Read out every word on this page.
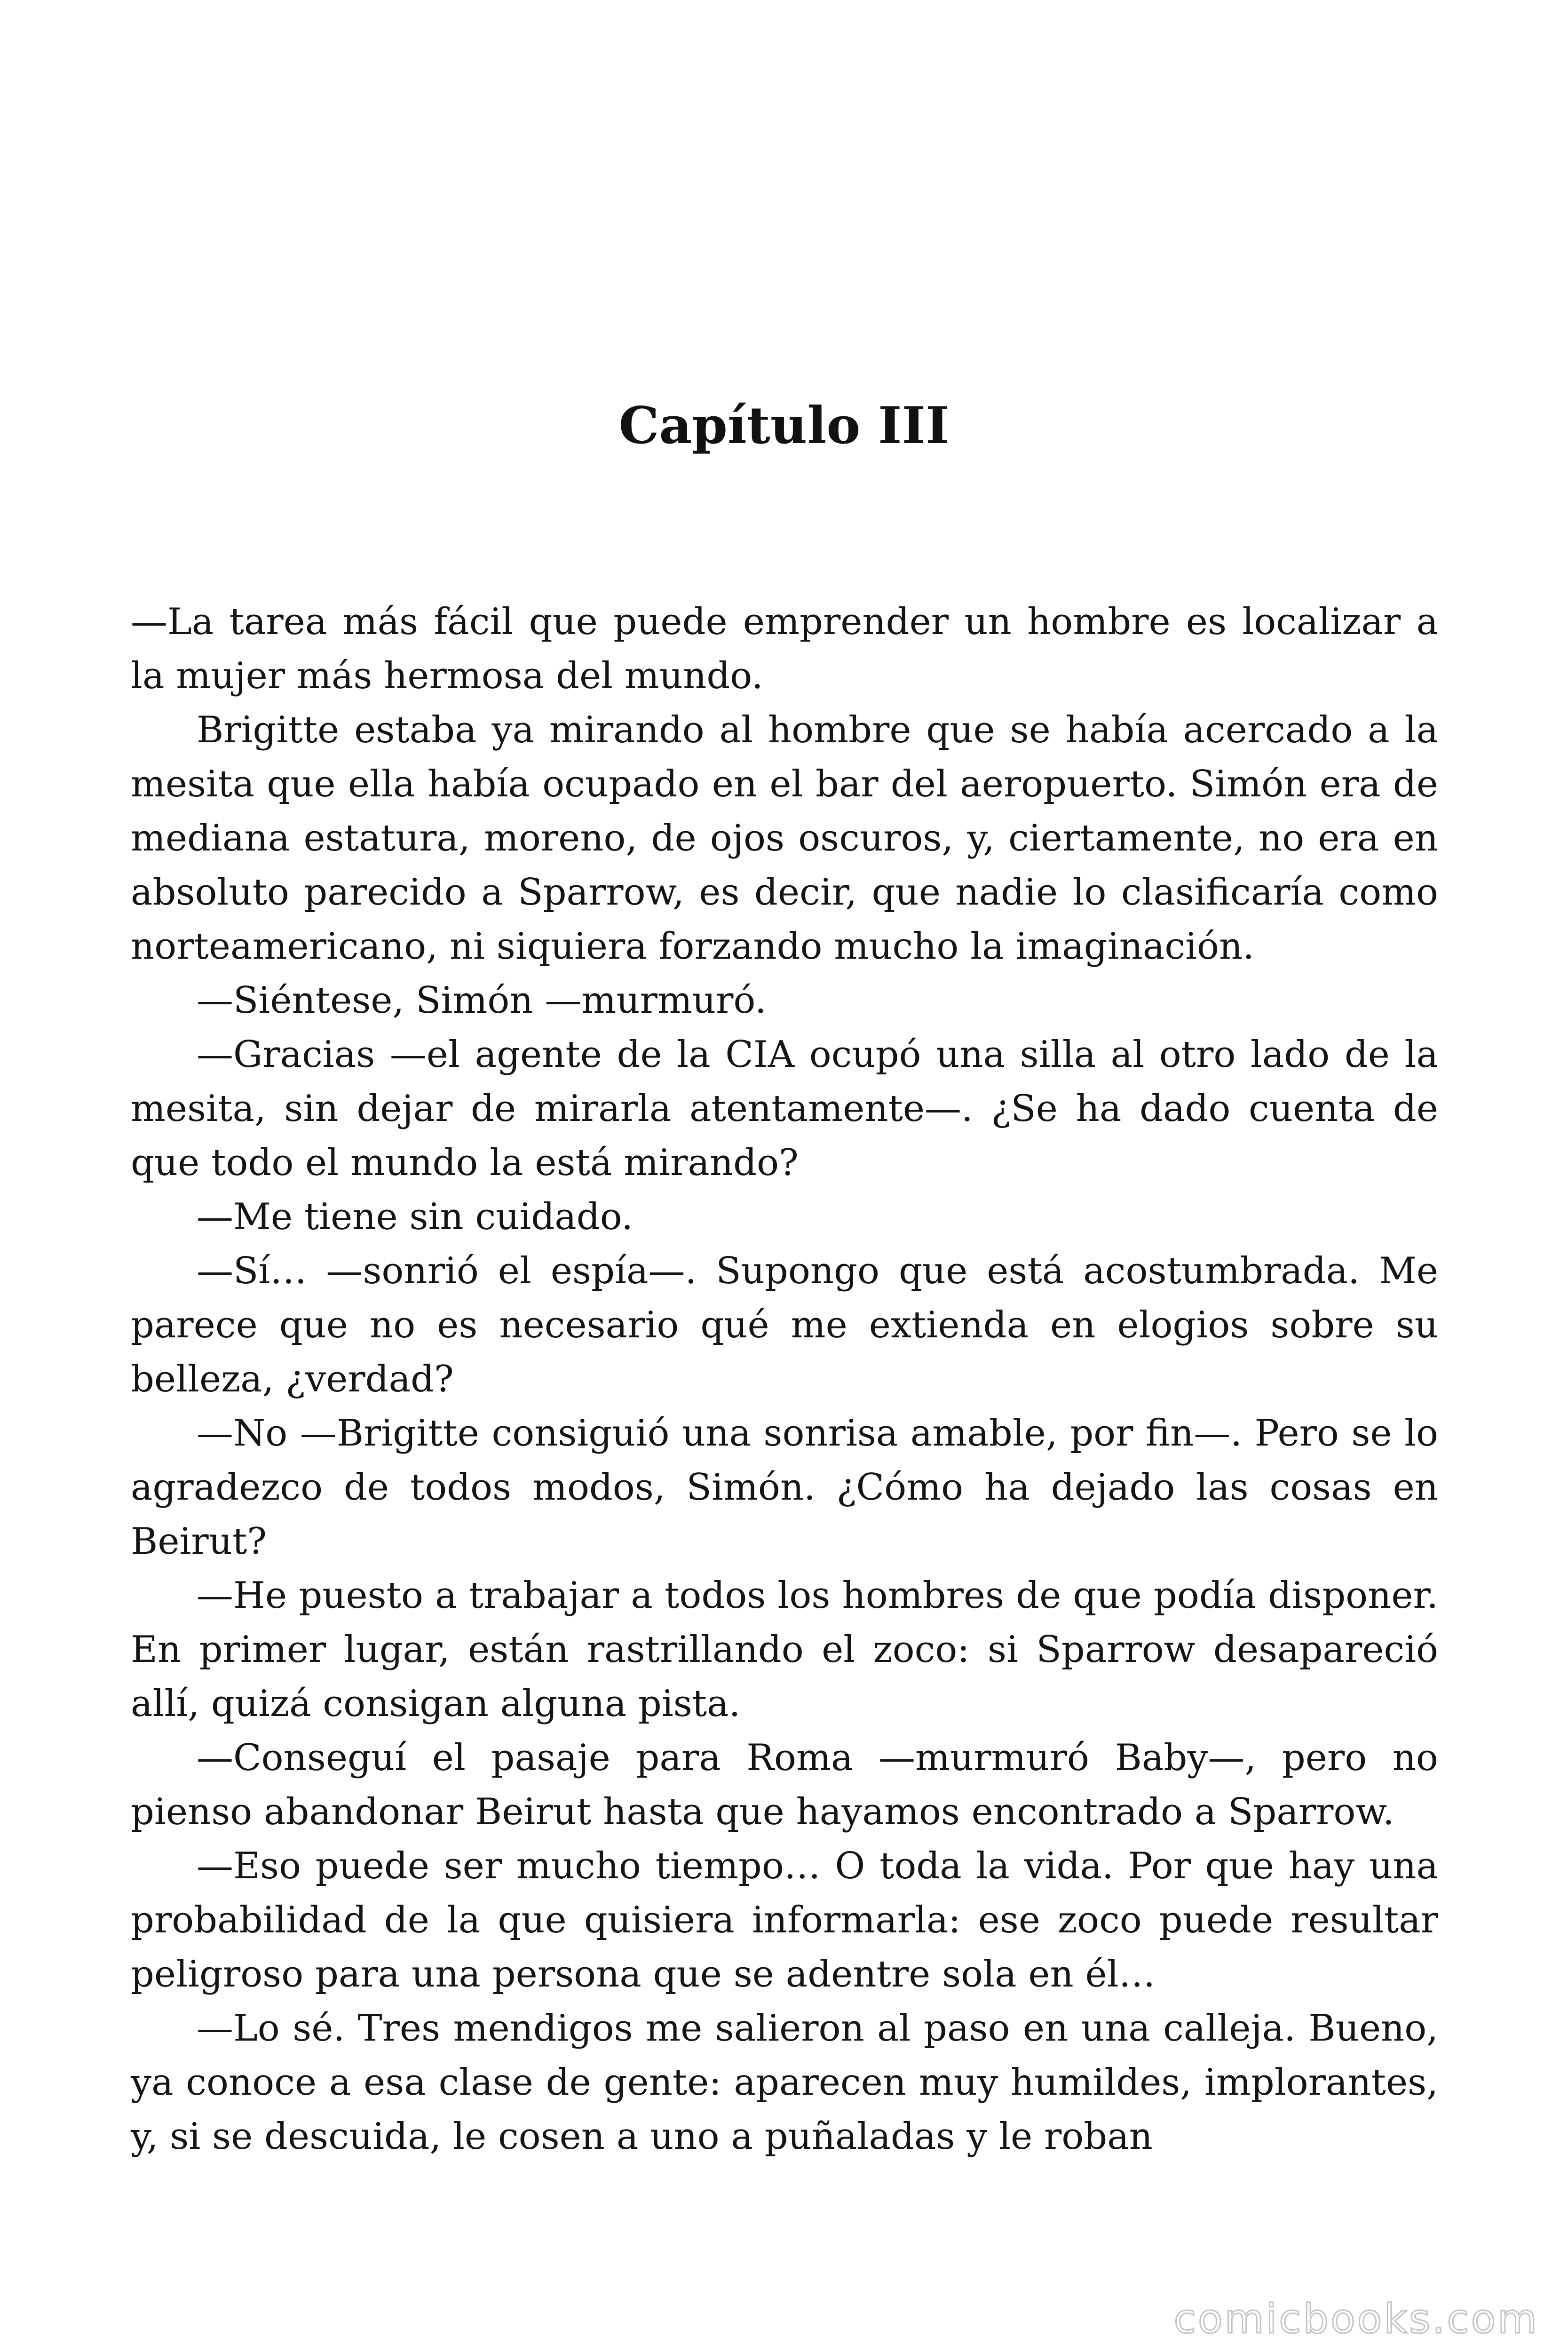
Capítulo III

—La tarea más fácil que puede emprender un hombre es localizar a la mujer más hermosa del mundo.

Brigitte estaba ya mirando al hombre que se había acercado a la mesita que ella había ocupado en el bar del aeropuerto. Simón era de mediana estatura, moreno, de ojos oscuros, y, ciertamente, no era en absoluto parecido a Sparrow, es decir, que nadie lo clasificaría como norteamericano, ni siquiera forzando mucho la imaginación.

—Siéntese, Simón —murmuró.

—Gracias —el agente de la CIA ocupó una silla al otro lado de la mesita, sin dejar de mirarla atentamente—. ¿Se ha dado cuenta de que todo el mundo la está mirando?

—Me tiene sin cuidado.

—Sí… —sonrió el espía—. Supongo que está acostumbrada. Me parece que no es necesario qué me extienda en elogios sobre su belleza, ¿verdad?

—No —Brigitte consiguió una sonrisa amable, por fin—. Pero se lo agradezco de todos modos, Simón. ¿Cómo ha dejado las cosas en Beirut?

—He puesto a trabajar a todos los hombres de que podía disponer. En primer lugar, están rastrillando el zoco: si Sparrow desapareció allí, quizá consigan alguna pista.

—Conseguí el pasaje para Roma —murmuró Baby—, pero no pienso abandonar Beirut hasta que hayamos encontrado a Sparrow.

—Eso puede ser mucho tiempo… O toda la vida. Por que hay una probabilidad de la que quisiera informarla: ese zoco puede resultar peligroso para una persona que se adentre sola en él…

—Lo sé. Tres mendigos me salieron al paso en una calleja. Bueno, ya conoce a esa clase de gente: aparecen muy humildes, implorantes, y, si se descuida, le cosen a uno a puñaladas y le roban

comicbooks.com
